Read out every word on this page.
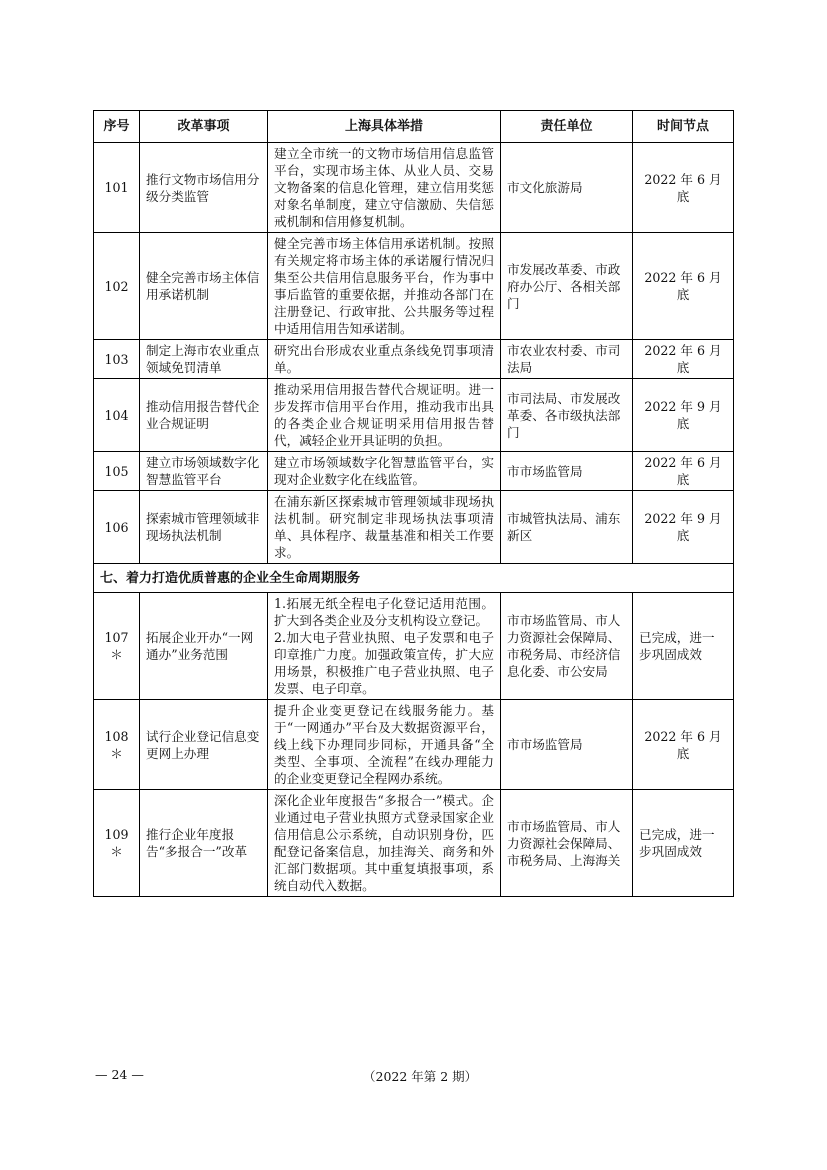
序号	改革事项	上海具体举措	责任单位	时间节点
101	推行文物市场信用分级分类监管	建立全市统一的文物市场信用信息监管平台，实现市场主体、从业人员、交易文物备案的信息化管理，建立信用奖惩对象名单制度，建立守信激励、失信惩戒机制和信用修复机制。	市文化旅游局	2022 年 6 月底
102	健全完善市场主体信用承诺机制	健全完善市场主体信用承诺机制。按照有关规定将市场主体的承诺履行情况归集至公共信用信息服务平台，作为事中事后监管的重要依据，并推动各部门在注册登记、行政审批、公共服务等过程中适用信用告知承诺制。	市发展改革委、市政府办公厅、各相关部门	2022 年 6 月底
103	制定上海市农业重点领域免罚清单	研究出台形成农业重点条线免罚事项清单。	市农业农村委、市司法局	2022 年 6 月底
104	推动信用报告替代企业合规证明	推动采用信用报告替代合规证明。进一步发挥市信用平台作用，推动我市出具的各类企业合规证明采用信用报告替代，减轻企业开具证明的负担。	市司法局、市发展改革委、各市级执法部门	2022 年 9 月底
105	建立市场领域数字化智慧监管平台	建立市场领域数字化智慧监管平台，实现对企业数字化在线监管。	市市场监管局	2022 年 6 月底
106	探索城市管理领域非现场执法机制	在浦东新区探索城市管理领域非现场执法机制。研究制定非现场执法事项清单、具体程序、裁量基准和相关工作要求。	市城管执法局、浦东新区	2022 年 9 月底
七、着力打造优质普惠的企业全生命周期服务				
107＊	拓展企业开办“一网通办”业务范围	1.拓展无纸全程电子化登记适用范围。扩大到各类企业及分支机构设立登记。
2.加大电子营业执照、电子发票和电子印章推广力度。加强政策宣传，扩大应用场景，积极推广电子营业执照、电子发票、电子印章。	市市场监管局、市人力资源社会保障局、市税务局、市经济信息化委、市公安局	已完成，进一步巩固成效
108＊	试行企业登记信息变更网上办理	提升企业变更登记在线服务能力。基于“一网通办”平台及大数据资源平台，线上线下办理同步同标，开通具备“全类型、全事项、全流程”在线办理能力的企业变更登记全程网办系统。	市市场监管局	2022 年 6 月底
109＊	推行企业年度报告“多报合一”改革	深化企业年度报告“多报合一”模式。企业通过电子营业执照方式登录国家企业信用信息公示系统，自动识别身份，匹配登记备案信息，加挂海关、商务和外汇部门数据项。其中重复填报事项，系统自动代入数据。	市市场监管局、市人力资源社会保障局、市税务局、上海海关	已完成，进一步巩固成效
— 24 —	（2022 年第 2 期）
